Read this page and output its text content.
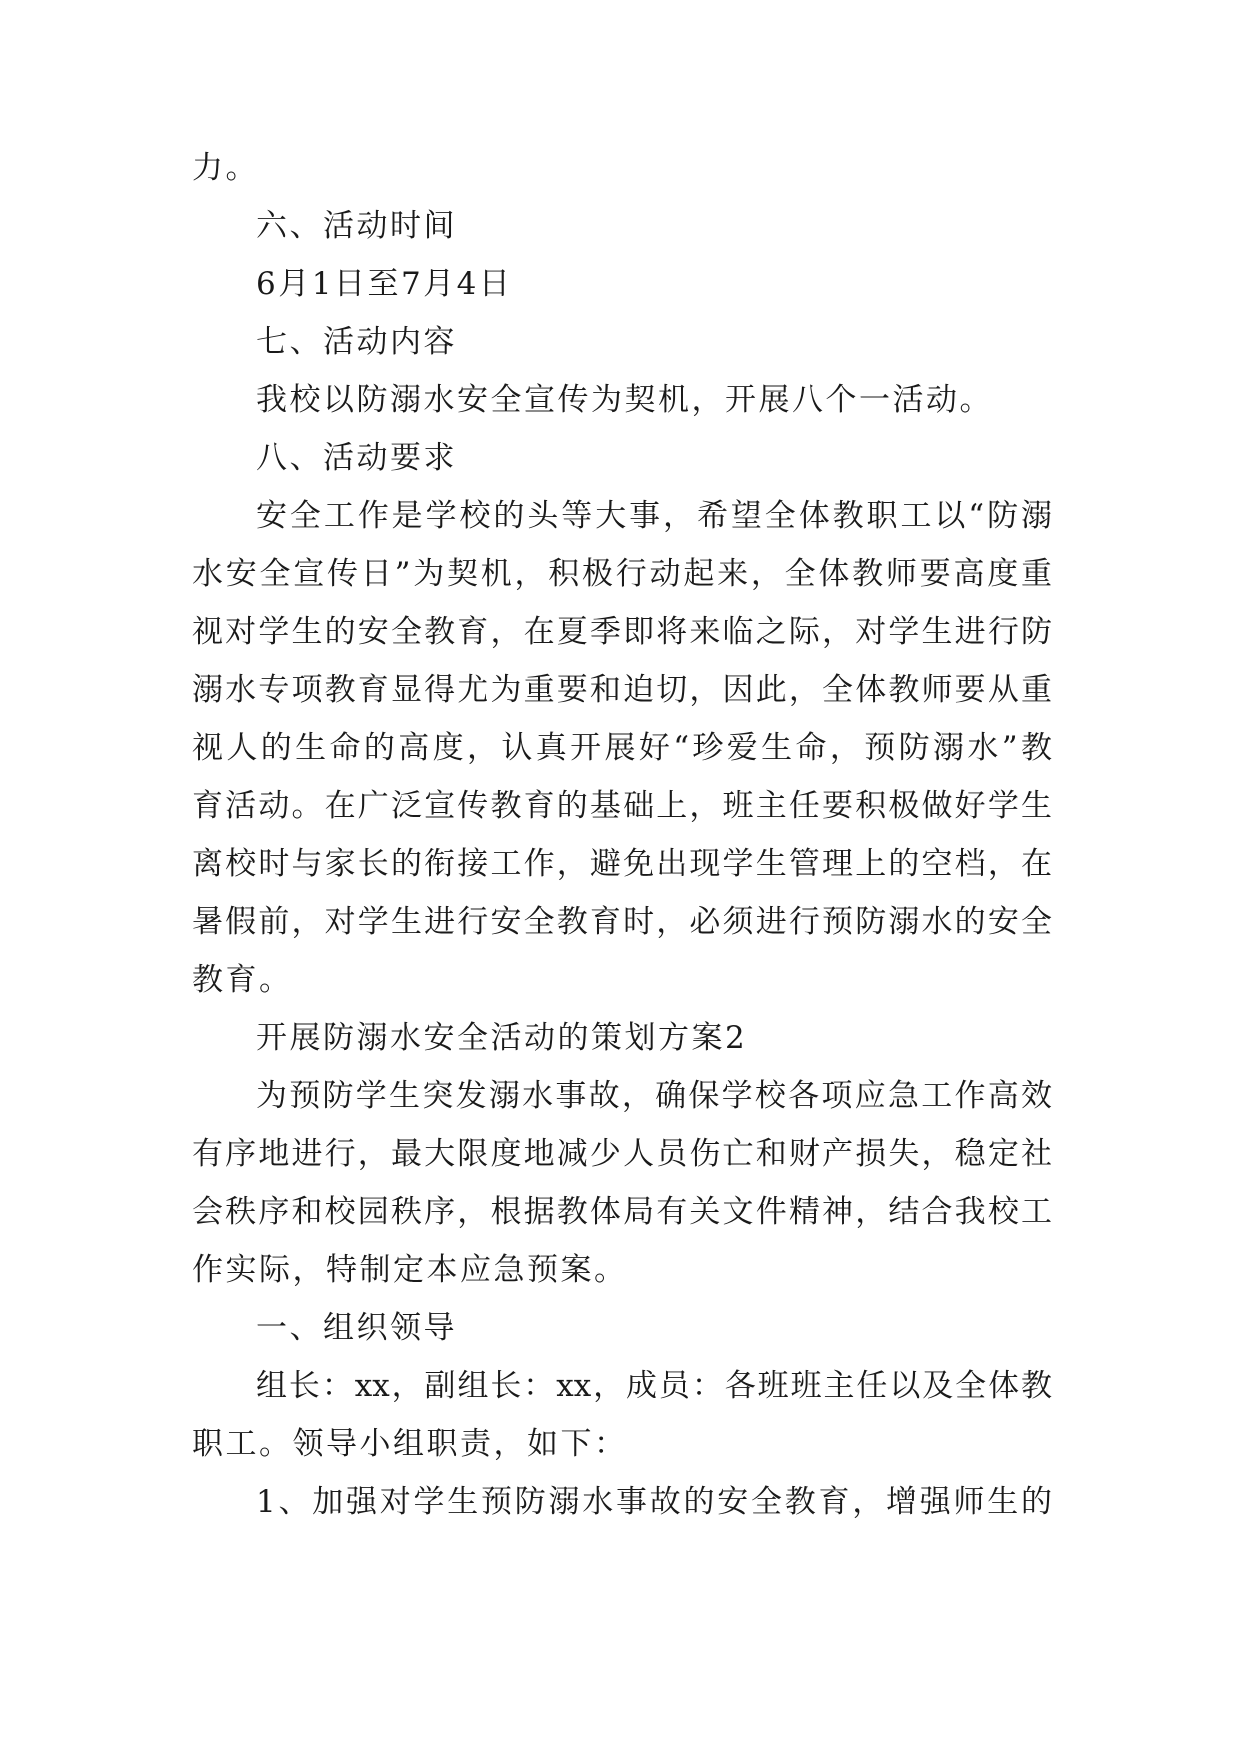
力。

六、活动时间

6月1日至7月4日

七、活动内容

我校以防溺水安全宣传为契机，开展八个一活动。

八、活动要求

安全工作是学校的头等大事，希望全体教职工以“防溺

水安全宣传日”为契机，积极行动起来，全体教师要高度重

视对学生的安全教育，在夏季即将来临之际，对学生进行防

溺水专项教育显得尤为重要和迫切，因此，全体教师要从重

视人的生命的高度，认真开展好“珍爱生命，预防溺水”教

育活动。在广泛宣传教育的基础上，班主任要积极做好学生

离校时与家长的衔接工作，避免出现学生管理上的空档，在

暑假前，对学生进行安全教育时，必须进行预防溺水的安全

教育。

开展防溺水安全活动的策划方案2

为预防学生突发溺水事故，确保学校各项应急工作高效

有序地进行，最大限度地减少人员伤亡和财产损失，稳定社

会秩序和校园秩序，根据教体局有关文件精神，结合我校工

作实际，特制定本应急预案。

一、组织领导

组长：xx，副组长：xx，成员：各班班主任以及全体教

职工。领导小组职责，如下：

1、加强对学生预防溺水事故的安全教育，增强师生的
